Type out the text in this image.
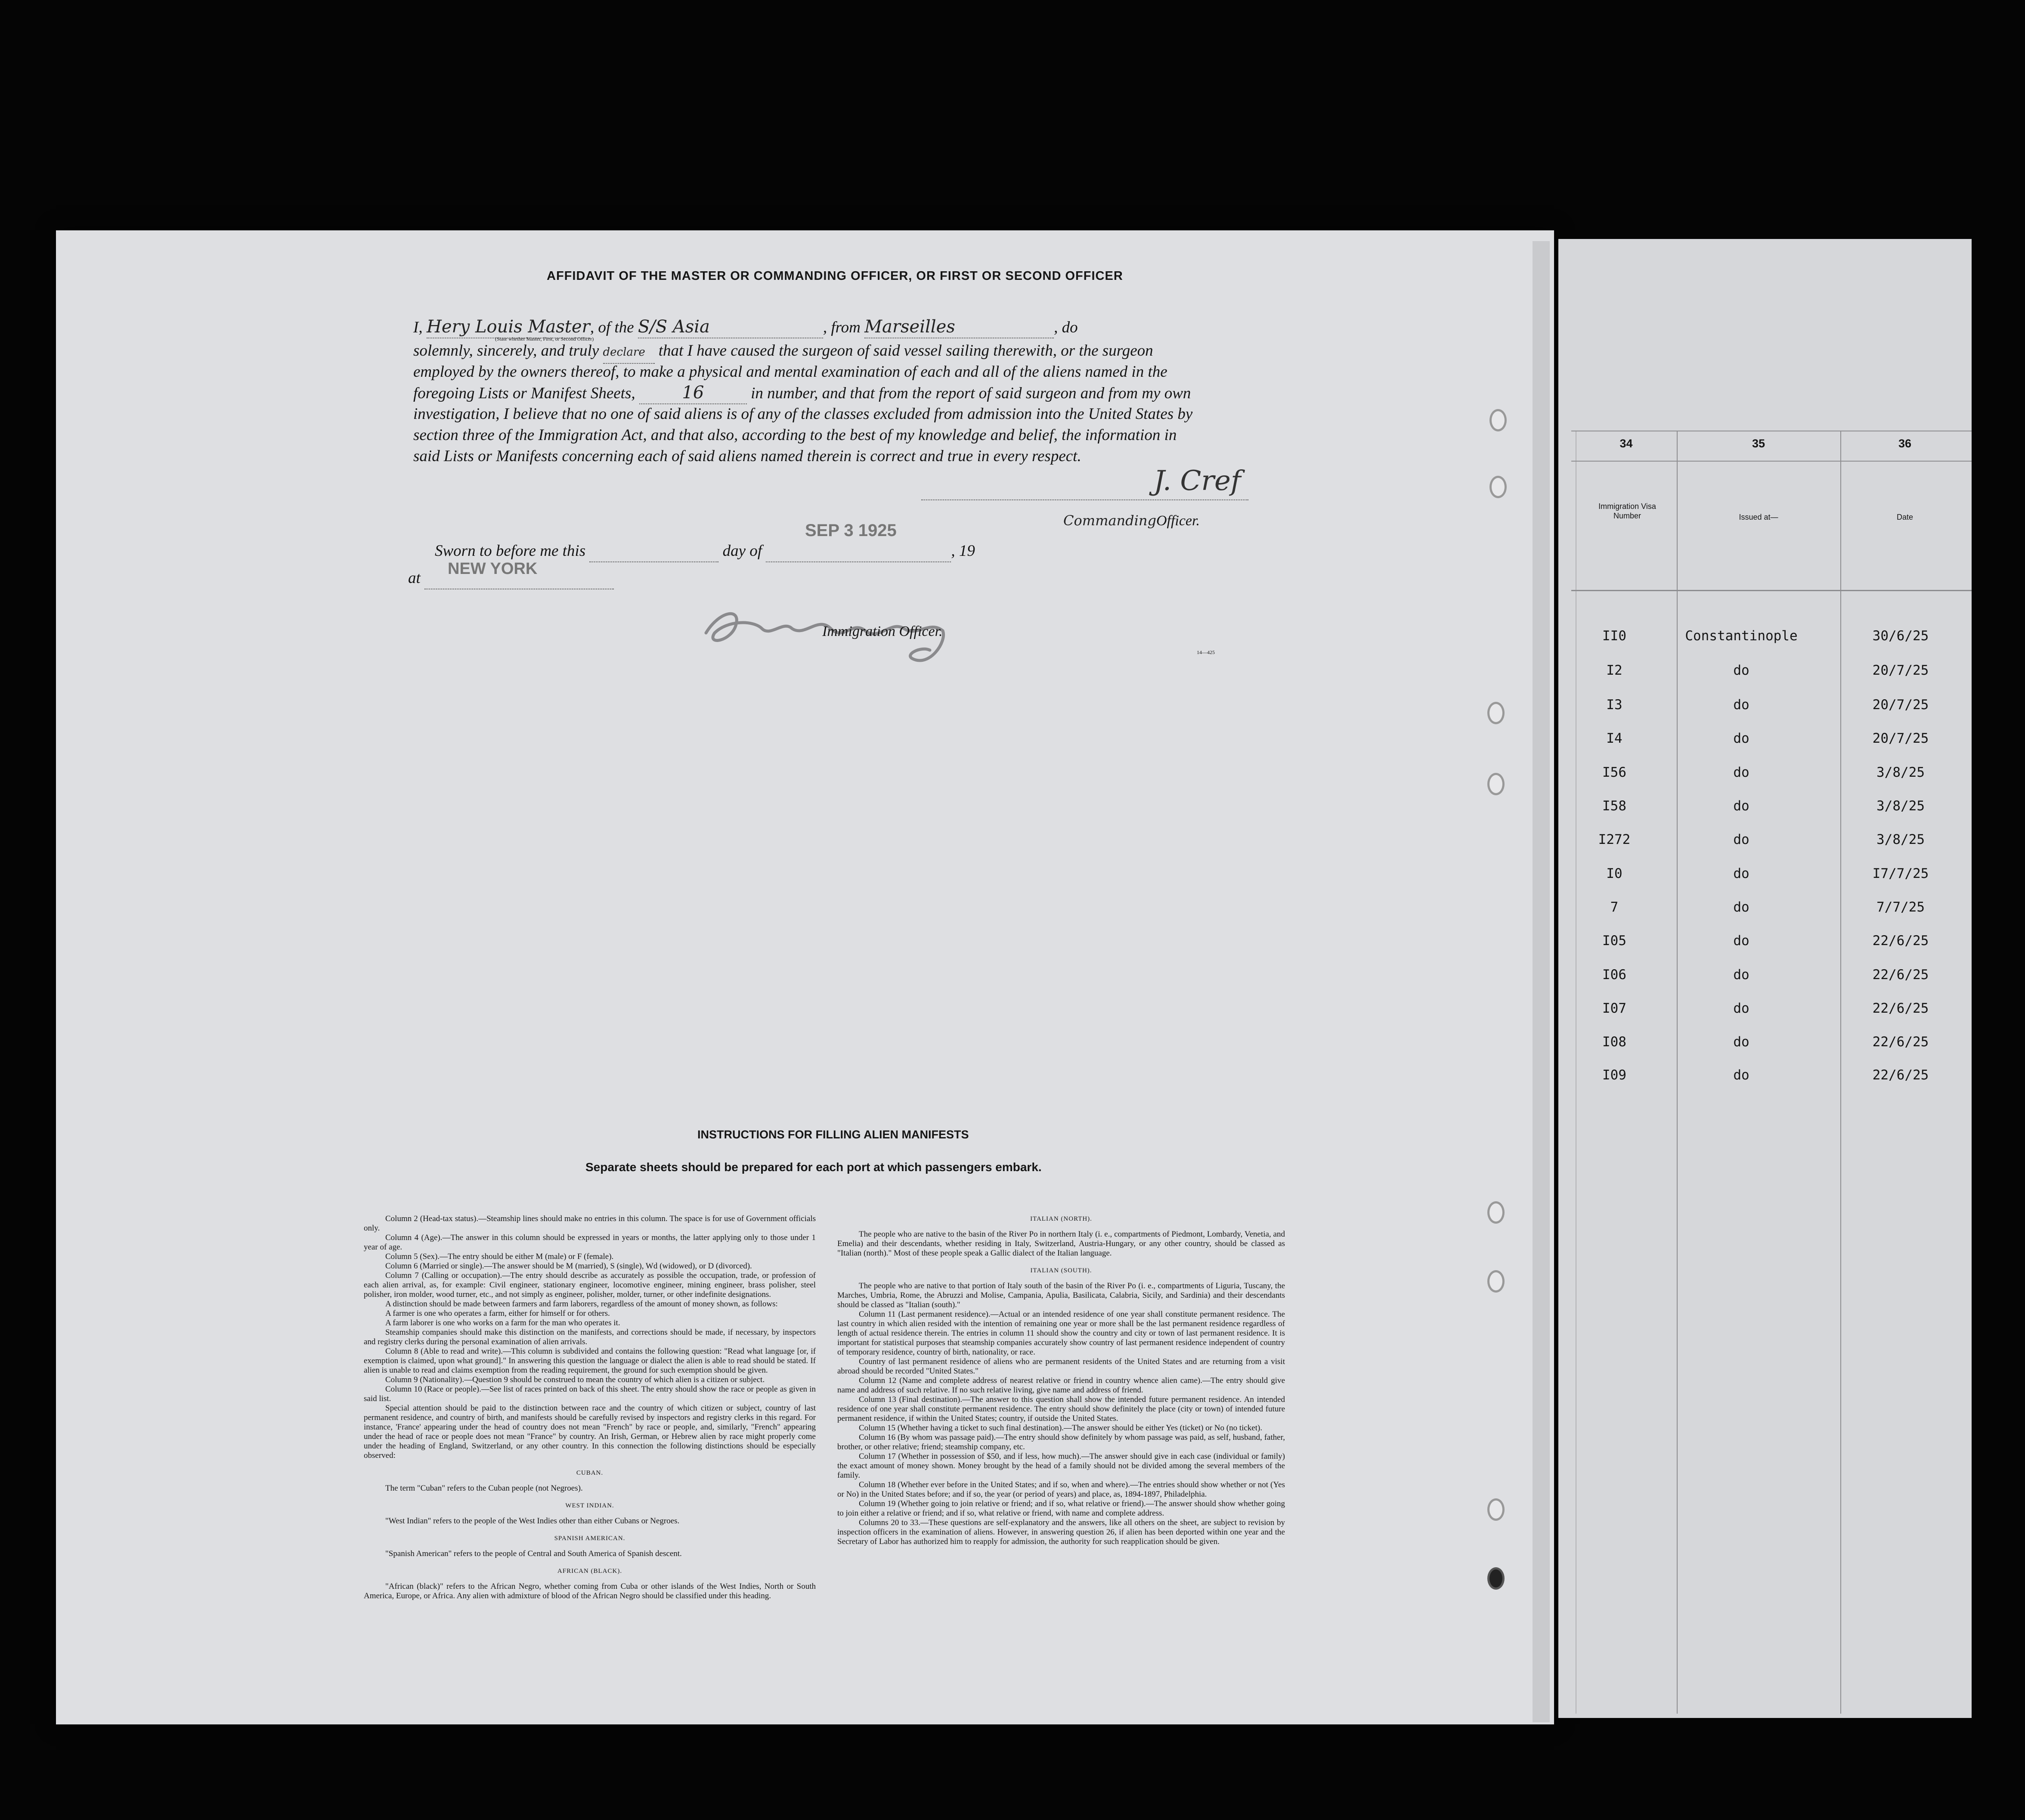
AFFIDAVIT OF THE MASTER OR COMMANDING OFFICER, OR FIRST OR SECOND OFFICER
I, Hery Louis Master, of the S/S Asia	, from Marseilles	, do
(State whether Master, First, or Second Officer)
solemnly, sincerely, and truly declare that I have caused the surgeon of said vessel sailing therewith, or the surgeon
employed by the owners thereof, to make a physical and mental examination of each and all of the aliens named in the
foregoing Lists or Manifest Sheets,	16	in number, and that from the report of said surgeon and from my own
investigation, I believe that no one of said aliens is of any of the classes excluded from admission into the United States by
section three of the Immigration Act, and that also, according to the best of my knowledge and belief, the information in
said Lists or Manifests concerning each of said aliens named therein is correct and true in every respect.
J. Cref
CommandingOfficer.
Sworn to before me this	day of	, 19
SEP 3 1925
at
NEW YORK
Immigration Officer.
14—425
INSTRUCTIONS FOR FILLING ALIEN MANIFESTS
Separate sheets should be prepared for each port at which passengers embark.

Column 2 (Head-tax status).—Steamship lines should make no entries in this column. The space is for use of Government officials only.

Column 4 (Age).—The answer in this column should be expressed in years or months, the latter applying only to those under 1 year of age.

Column 5 (Sex).—The entry should be either M (male) or F (female).

Column 6 (Married or single).—The answer should be M (married), S (single), Wd (widowed), or D (divorced).

Column 7 (Calling or occupation).—The entry should describe as accurately as possible the occupation, trade, or profession of each alien arrival, as, for example: Civil engineer, stationary engineer, locomotive engineer, mining engineer, brass polisher, steel polisher, iron molder, wood turner, etc., and not simply as engineer, polisher, molder, turner, or other indefinite designations.

A distinction should be made between farmers and farm laborers, regardless of the amount of money shown, as follows:

A farmer is one who operates a farm, either for himself or for others.

A farm laborer is one who works on a farm for the man who operates it.

Steamship companies should make this distinction on the manifests, and corrections should be made, if necessary, by inspectors and registry clerks during the personal examination of alien arrivals.

Column 8 (Able to read and write).—This column is subdivided and contains the following question: "Read what language [or, if exemption is claimed, upon what ground]." In answering this question the language or dialect the alien is able to read should be stated. If alien is unable to read and claims exemption from the reading requirement, the ground for such exemption should be given.

Column 9 (Nationality).—Question 9 should be construed to mean the country of which alien is a citizen or subject.

Column 10 (Race or people).—See list of races printed on back of this sheet. The entry should show the race or people as given in said list.

Special attention should be paid to the distinction between race and the country of which citizen or subject, country of last permanent residence, and country of birth, and manifests should be carefully revised by inspectors and registry clerks in this regard. For instance, 'France' appearing under the head of country does not mean "French" by race or people, and, similarly, "French" appearing under the head of race or people does not mean "France" by country. An Irish, German, or Hebrew alien by race might properly come under the heading of England, Switzerland, or any other country. In this connection the following distinctions should be especially observed:

CUBAN.

The term "Cuban" refers to the Cuban people (not Negroes).

WEST INDIAN.

"West Indian" refers to the people of the West Indies other than either Cubans or Negroes.

SPANISH AMERICAN.

"Spanish American" refers to the people of Central and South America of Spanish descent.

AFRICAN (BLACK).

"African (black)" refers to the African Negro, whether coming from Cuba or other islands of the West Indies, North or South America, Europe, or Africa. Any alien with admixture of blood of the African Negro should be classified under this heading.

ITALIAN (NORTH).

The people who are native to the basin of the River Po in northern Italy (i. e., compartments of Piedmont, Lombardy, Venetia, and Emelia) and their descendants, whether residing in Italy, Switzerland, Austria-Hungary, or any other country, should be classed as "Italian (north)." Most of these people speak a Gallic dialect of the Italian language.

ITALIAN (SOUTH).

The people who are native to that portion of Italy south of the basin of the River Po (i. e., compartments of Liguria, Tuscany, the Marches, Umbria, Rome, the Abruzzi and Molise, Campania, Apulia, Basilicata, Calabria, Sicily, and Sardinia) and their descendants should be classed as "Italian (south)."

Column 11 (Last permanent residence).—Actual or an intended residence of one year shall constitute permanent residence. The last country in which alien resided with the intention of remaining one year or more shall be the last permanent residence regardless of length of actual residence therein. The entries in column 11 should show the country and city or town of last permanent residence. It is important for statistical purposes that steamship companies accurately show country of last permanent residence independent of country of temporary residence, country of birth, nationality, or race.

Country of last permanent residence of aliens who are permanent residents of the United States and are returning from a visit abroad should be recorded "United States."

Column 12 (Name and complete address of nearest relative or friend in country whence alien came).—The entry should give name and address of such relative. If no such relative living, give name and address of friend.

Column 13 (Final destination).—The answer to this question shall show the intended future permanent residence. An intended residence of one year shall constitute permanent residence. The entry should show definitely the place (city or town) of intended future permanent residence, if within the United States; country, if outside the United States.

Column 15 (Whether having a ticket to such final destination).—The answer should be either Yes (ticket) or No (no ticket).

Column 16 (By whom was passage paid).—The entry should show definitely by whom passage was paid, as self, husband, father, brother, or other relative; friend; steamship company, etc.

Column 17 (Whether in possession of $50, and if less, how much).—The answer should give in each case (individual or family) the exact amount of money shown. Money brought by the head of a family should not be divided among the several members of the family.

Column 18 (Whether ever before in the United States; and if so, when and where).—The entries should show whether or not (Yes or No) in the United States before; and if so, the year (or period of years) and place, as, 1894-1897, Philadelphia.

Column 19 (Whether going to join relative or friend; and if so, what relative or friend).—The answer should show whether going to join either a relative or friend; and if so, what relative or friend, with name and complete address.

Columns 20 to 33.—These questions are self-explanatory and the answers, like all others on the sheet, are subject to revision by inspection officers in the examination of aliens. However, in answering question 26, if alien has been deported within one year and the Secretary of Labor has authorized him to reapply for admission, the authority for such reapplication should be given.

34	35	36
Immigration Visa Number	Issued at—	Date
II0	Constantinople	30/6/25
I2	do	20/7/25
I3	do	20/7/25
I4	do	20/7/25
I56	do	3/8/25
I58	do	3/8/25
I272	do	3/8/25
I0	do	I7/7/25
7	do	7/7/25
I05	do	22/6/25
I06	do	22/6/25
I07	do	22/6/25
I08	do	22/6/25
I09	do	22/6/25
